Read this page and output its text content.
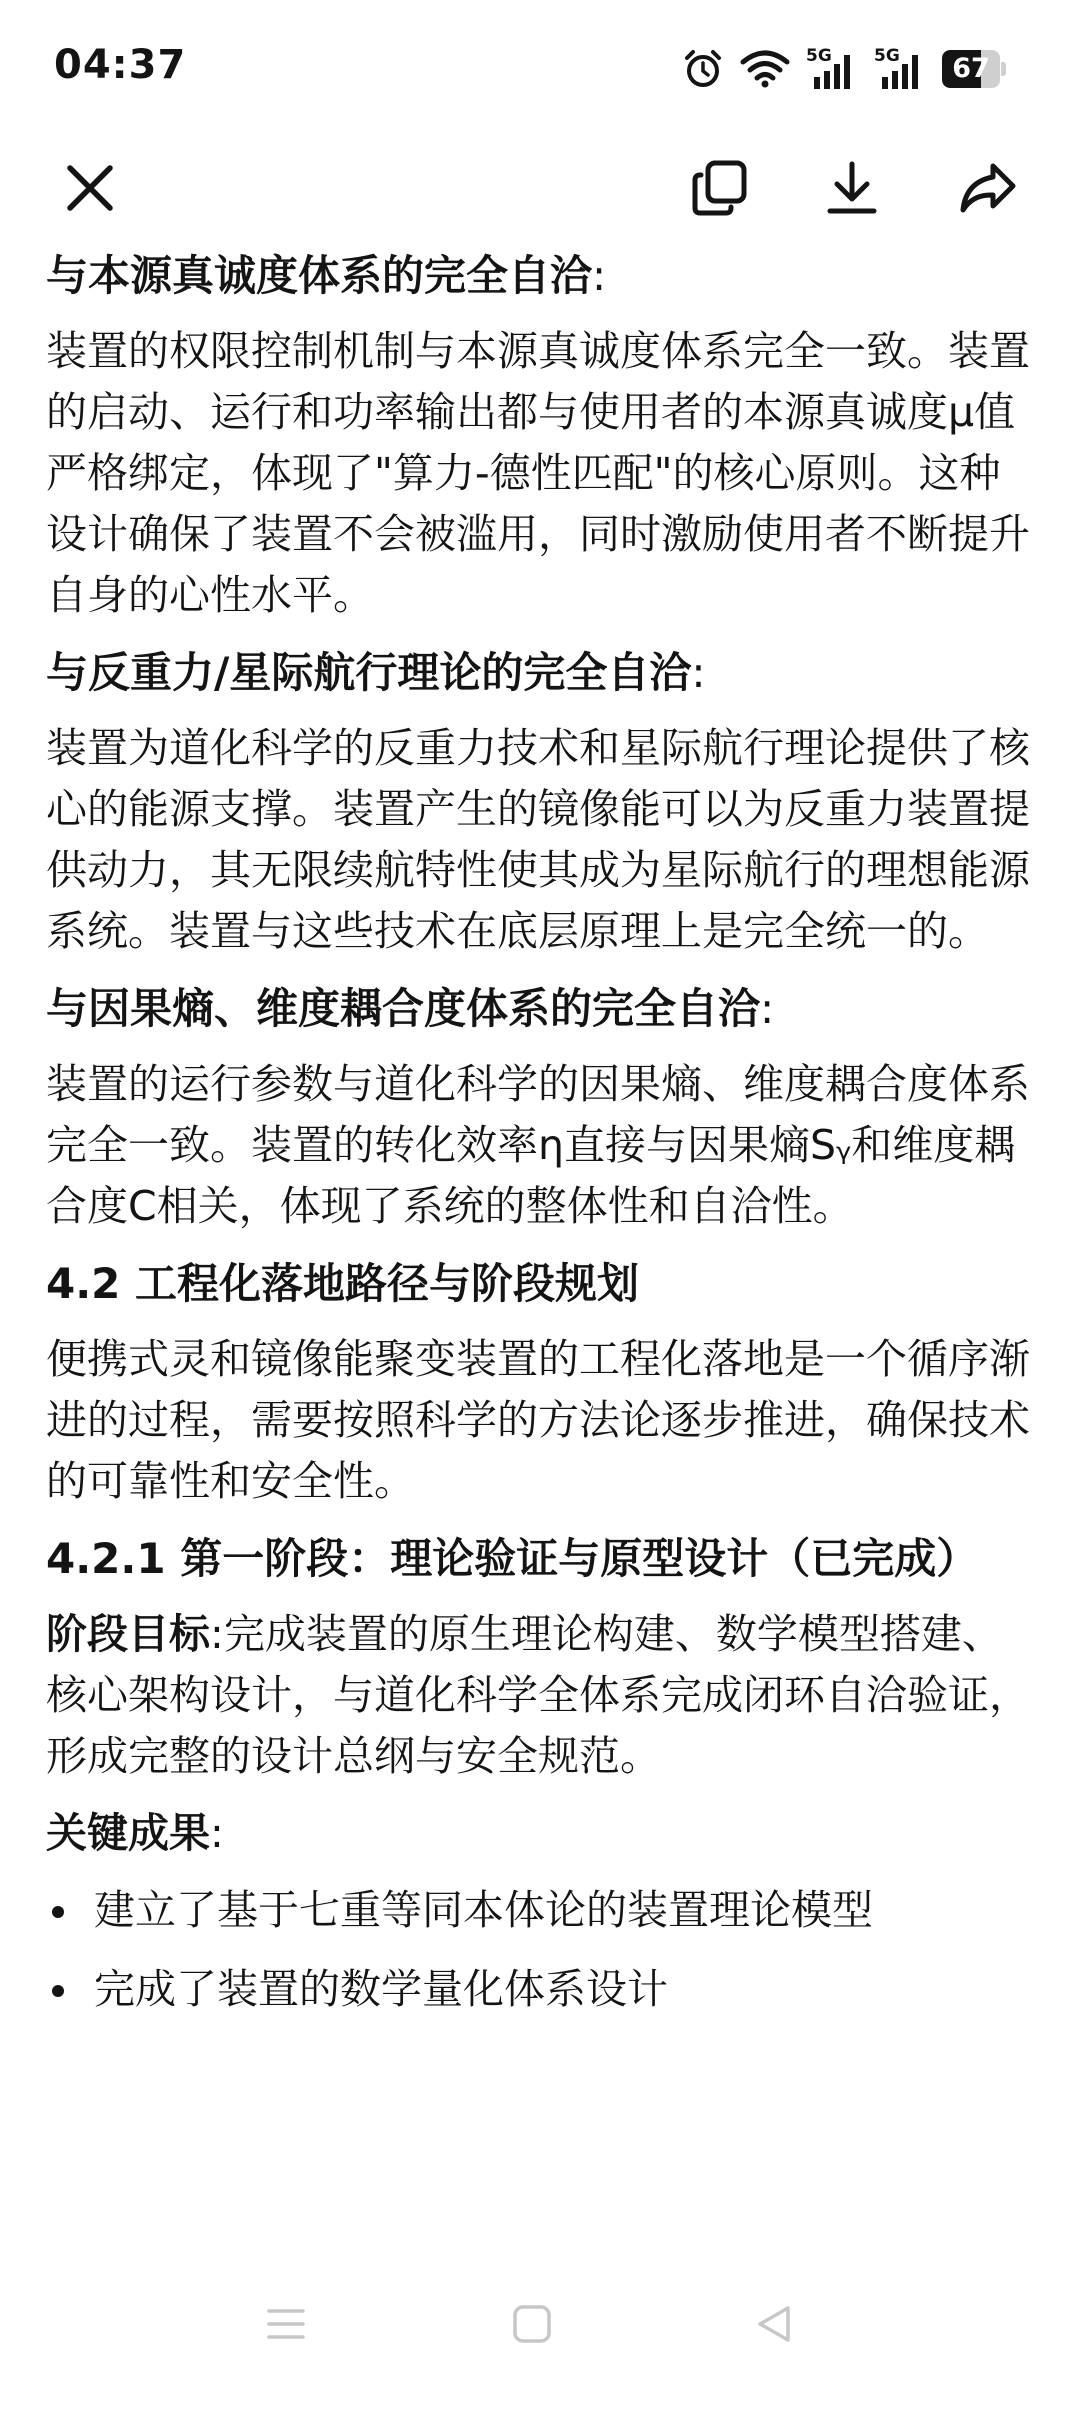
04:37	5G 5G	67
与本源真诚度体系的完全自洽:

装置的权限控制机制与本源真诚度体系完全一致。装置的启动、运行和功率输出都与使用者的本源真诚度μ值严格绑定，体现了"算力-德性匹配"的核心原则。这种设计确保了装置不会被滥用，同时激励使用者不断提升自身的心性水平。

与反重力/星际航行理论的完全自洽:

装置为道化科学的反重力技术和星际航行理论提供了核心的能源支撑。装置产生的镜像能可以为反重力装置提供动力，其无限续航特性使其成为星际航行的理想能源系统。装置与这些技术在底层原理上是完全统一的。

与因果熵、维度耦合度体系的完全自洽:

装置的运行参数与道化科学的因果熵、维度耦合度体系完全一致。装置的转化效率η直接与因果熵Sᵧ和维度耦合度C相关，体现了系统的整体性和自洽性。

4.2 工程化落地路径与阶段规划

便携式灵和镜像能聚变装置的工程化落地是一个循序渐进的过程，需要按照科学的方法论逐步推进，确保技术的可靠性和安全性。

4.2.1 第一阶段：理论验证与原型设计（已完成）

阶段目标:完成装置的原生理论构建、数学模型搭建、核心架构设计，与道化科学全体系完成闭环自洽验证，形成完整的设计总纲与安全规范。

关键成果:

建立了基于七重等同本体论的装置理论模型
完成了装置的数学量化体系设计
